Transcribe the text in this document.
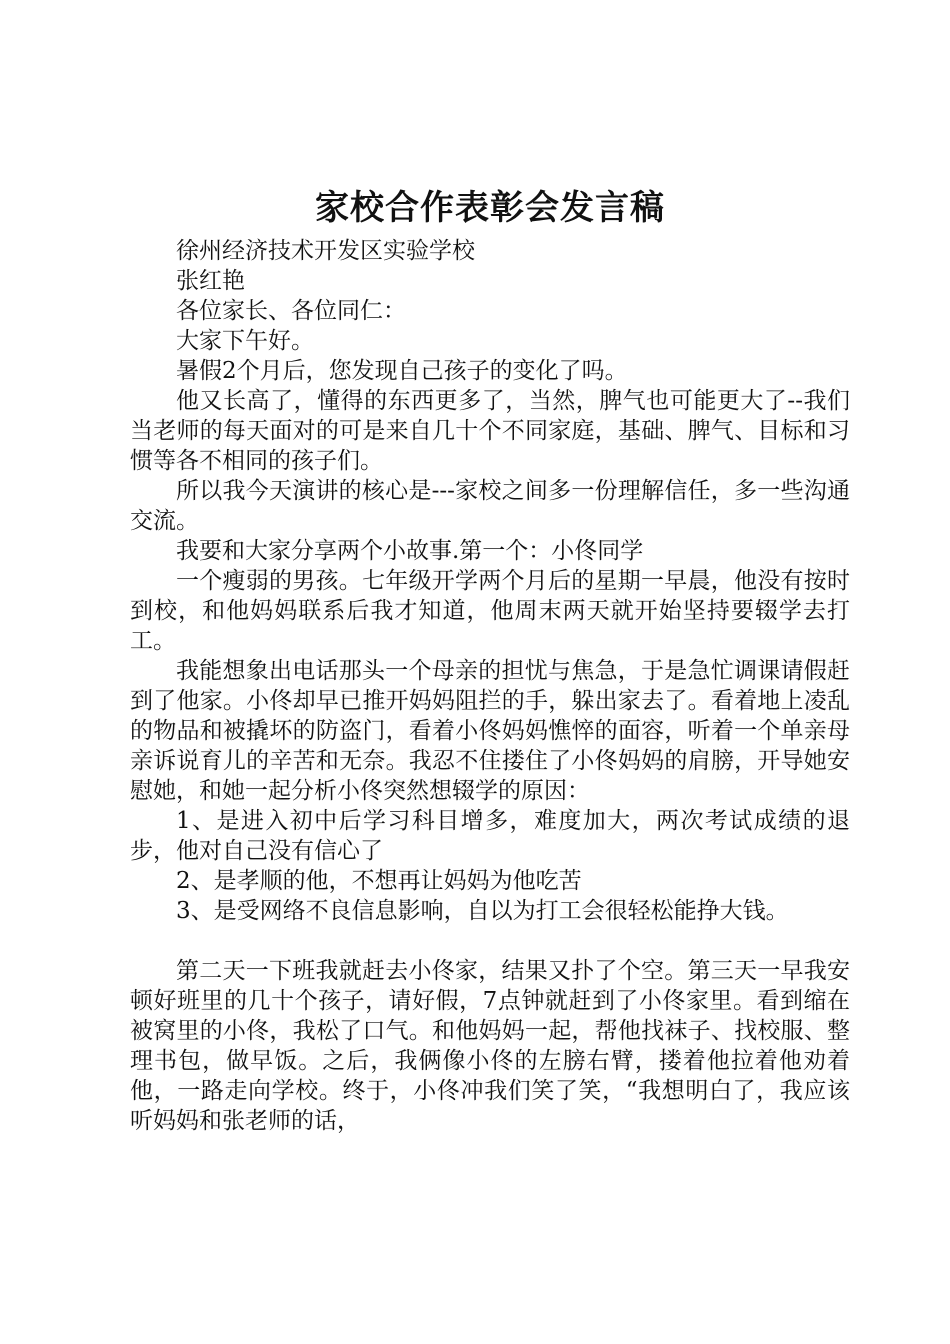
家校合作表彰会发言稿

徐州经济技术开发区实验学校

张红艳

各位家长、各位同仁：

大家下午好。

暑假2个月后，您发现自己孩子的变化了吗。

他又长高了，懂得的东西更多了，当然，脾气也可能更大了--我们当老师的每天面对的可是来自几十个不同家庭，基础、脾气、目标和习惯等各不相同的孩子们。

所以我今天演讲的核心是---家校之间多一份理解信任，多一些沟通交流。

我要和大家分享两个小故事.第一个：小佟同学

一个瘦弱的男孩。七年级开学两个月后的星期一早晨，他没有按时到校，和他妈妈联系后我才知道，他周末两天就开始坚持要辍学去打工。

我能想象出电话那头一个母亲的担忧与焦急，于是急忙调课请假赶到了他家。小佟却早已推开妈妈阻拦的手，躲出家去了。看着地上凌乱的物品和被撬坏的防盗门，看着小佟妈妈憔悴的面容，听着一个单亲母亲诉说育儿的辛苦和无奈。我忍不住搂住了小佟妈妈的肩膀，开导她安慰她，和她一起分析小佟突然想辍学的原因：

1、是进入初中后学习科目增多，难度加大，两次考试成绩的退步，他对自己没有信心了

2、是孝顺的他，不想再让妈妈为他吃苦

3、是受网络不良信息影响，自以为打工会很轻松能挣大钱。

第二天一下班我就赶去小佟家，结果又扑了个空。第三天一早我安顿好班里的几十个孩子，请好假，7点钟就赶到了小佟家里。看到缩在被窝里的小佟，我松了口气。和他妈妈一起，帮他找袜子、找校服、整理书包，做早饭。之后，我俩像小佟的左膀右臂，搂着他拉着他劝着他，一路走向学校。终于，小佟冲我们笑了笑，“我想明白了，我应该听妈妈和张老师的话，
